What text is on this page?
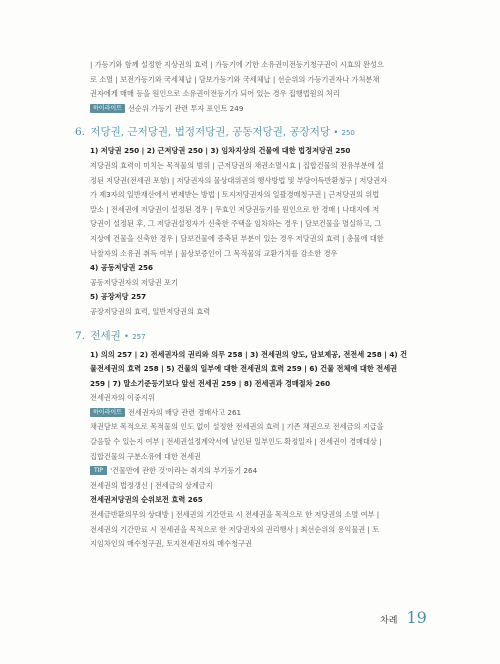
| 가등기와 함께 설정한 지상권의 효력 | 가등기에 기한 소유권이전등기청구권이 시효의 완성으

로 소멸 | 보전가등기와 국세체납 | 담보가등기와 국세체납 | 선순위의 가등기권자나 가처분채

권자에게 매매 등을 원인으로 소유권이전등기가 되어 있는 경우 집행법원의 처리

하이라이트 선순위 가등기 관련 투자 포인트 249

6. 저당권, 근저당권, 법정저당권, 공동저당권, 공장저당 • 250

1) 저당권 250 | 2) 근저당권 250 | 3) 임차지상의 건물에 대한 법정저당권 250

저당권의 효력이 미치는 목적물의 범위 | 근저당권의 채권소멸시효 | 집합건물의 전유부분에 설

정된 저당권(전세권 포함) | 저당권자의 물상대위권의 행사방법 및 부당이득반환청구 | 저당권자

가 제3자의 일반재산에서 변제받는 방법 | 토지저당권자의 일괄경매청구권 | 근저당권의 위법

말소 | 전세권에 저당권이 설정된 경우 | 무효인 저당권등기를 원인으로 한 경매 | 나대지에 저

당권이 설정된 후, 그 저당권설정자가 신축한 주택을 임차하는 경우 | 담보건물을 멸실하고, 그

지상에 건물을 신축한 경우 | 담보건물에 증축된 부분이 있는 경우 저당권의 효력 | 총물에 대한

낙찰자의 소유권 취득 여부 | 물상보증인이 그 목적물의 교환가치를 감소한 경우

4) 공동저당권 256

공동저당권자의 저당권 포기

5) 공장저당 257

공장저당권의 효력, 일반저당권의 효력

7. 전세권 • 257

1) 의의 257 | 2) 전세권자의 권리와 의무 258 | 3) 전세권의 양도, 담보제공, 전전세 258 | 4) 건

물전세권의 효력 258 | 5) 건물의 일부에 대한 전세권의 효력 259 | 6) 건물 전체에 대한 전세권

259 | 7) 말소기준등기보다 앞선 전세권 259 | 8) 전세권과 경매절차 260

전세권자의 이중지위

하이라이트 전세권자의 배당 관련 경매사고 261

채권담보 목적으로 목적물의 인도 없이 설정한 전세권의 효력 | 기존 채권으로 전세금의 지급을

갈음할 수 있는지 여부 | 전세권설정계약서에 날인된 일부인도 확정일자 | 전세권이 경매대상 |

집합건물의 구분소유에 대한 전세권

TIP '건물만에 관한 것'이라는 취지의 부기등기 264

전세권의 법정갱신 | 전세금의 상계금지

전세권저당권의 순위보전 효력 265

전세금반환의무의 상대방 | 전세권의 기간만료 시 전세권을 목적으로 한 저당권의 소멸 여부 |

전세권의 기간만료 시 전세권을 목적으로 한 저당권자의 권리행사 | 최선순위의 용익물권 | 토

지임차인의 매수청구권, 토지전세권자의 매수청구권

차례 19
